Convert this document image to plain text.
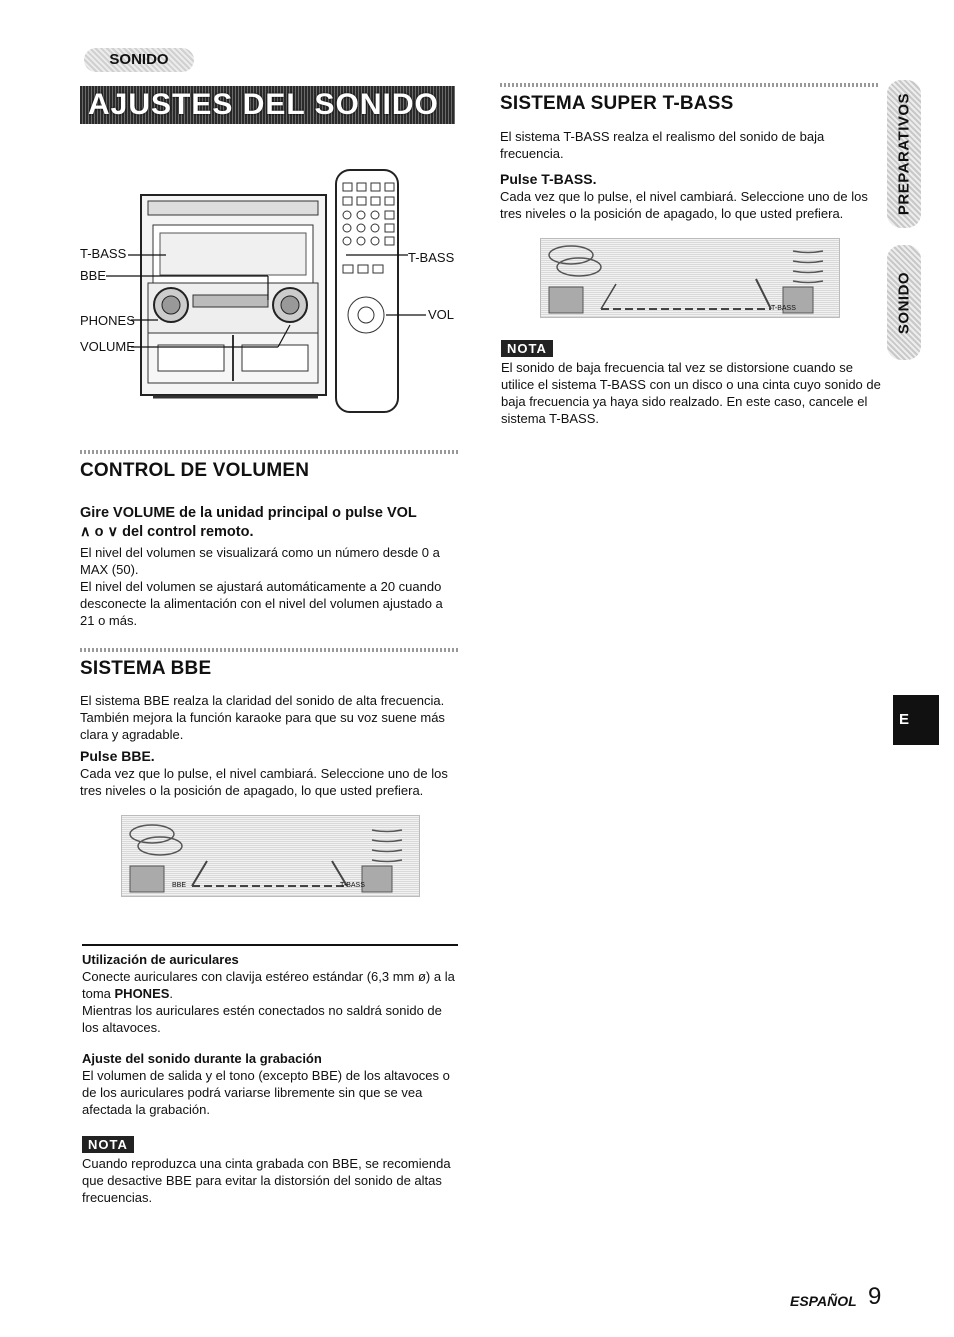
SONIDO
AJUSTES DEL SONIDO
T-BASS
BBE
PHONES
VOLUME
T-BASS
VOL
CONTROL DE VOLUMEN

Gire VOLUME de la unidad principal o pulse VOL

∧ o ∨ del control remoto.

El nivel del volumen se visualizará como un número desde 0 a MAX (50).

El nivel del volumen se ajustará automáticamente a 20 cuando desconecte la alimentación con el nivel del volumen ajustado a 21 o más.

SISTEMA BBE

El sistema BBE realza la claridad del sonido de alta frecuencia. También mejora la función karaoke para que su voz suene más clara y agradable.

Pulse BBE.

Cada vez que lo pulse, el nivel cambiará. Seleccione uno de los tres niveles o la posición de apagado, lo que usted prefiera.

BBE	T-BASS

Utilización de auriculares

Conecte auriculares con clavija estéreo estándar (6,3 mm ø) a la toma PHONES.

Mientras los auriculares estén conectados no saldrá sonido de los altavoces.

Ajuste del sonido durante la grabación

El volumen de salida y el tono (excepto BBE) de los altavoces o de los auriculares podrá variarse libremente sin que se vea afectada la grabación.

NOTA

Cuando reproduzca una cinta grabada con BBE, se recomienda que desactive BBE para evitar la distorsión del sonido de altas frecuencias.

SISTEMA SUPER T-BASS

El sistema T-BASS realza el realismo del sonido de baja frecuencia.

Pulse T-BASS.

Cada vez que lo pulse, el nivel cambiará. Seleccione uno de los tres niveles o la posición de apagado, lo que usted prefiera.

T-BASS
NOTA

El sonido de baja frecuencia tal vez se distorsione cuando se utilice el sistema T-BASS con un disco o una cinta cuyo sonido de baja frecuencia ya haya sido realzado. En este caso, cancele el sistema T-BASS.

PREPARATIVOS
SONIDO
E
ESPAÑOL 9
